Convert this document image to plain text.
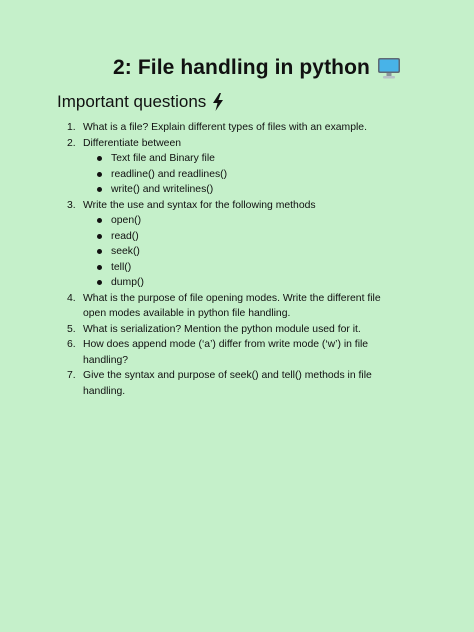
2: File handling in python
Important questions
1. What is a file? Explain different types of files with an example.
2. Differentiate between
Text file and Binary file
readline() and readlines()
write() and writelines()
3. Write the use and syntax for the following methods
open()
read()
seek()
tell()
dump()
4. What is the purpose of file opening modes. Write the different file open modes available in python file handling.
5. What is serialization? Mention the python module used for it.
6. How does append mode (‘a’) differ from write mode (‘w’) in file handling?
7. Give the syntax and purpose of seek() and tell() methods in file handling.
